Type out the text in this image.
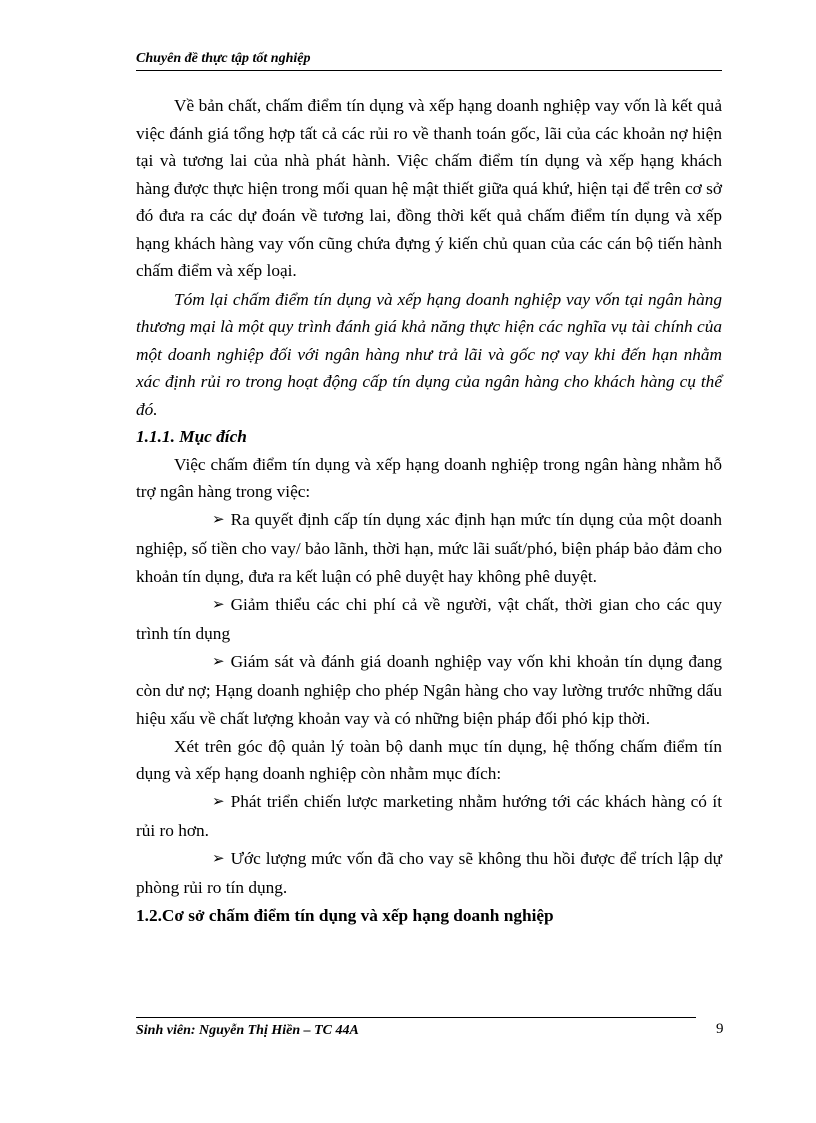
Chuyên đề thực tập tốt nghiệp

Về bản chất, chấm điểm tín dụng và xếp hạng doanh nghiệp vay vốn là kết quả việc đánh giá tổng hợp tất cả các rủi ro về thanh toán gốc, lãi của các khoản nợ hiện tại và tương lai của nhà phát hành. Việc chấm điểm tín dụng và xếp hạng khách hàng được thực hiện trong mối quan hệ mật thiết giữa quá khứ, hiện tại để trên cơ sở đó đưa ra các dự đoán về tương lai, đồng thời kết quả chấm điểm tín dụng và xếp hạng khách hàng vay vốn cũng chứa đựng ý kiến chủ quan của các cán bộ tiến hành chấm điểm và xếp loại.

Tóm lại chấm điểm tín dụng và xếp hạng doanh nghiệp vay vốn tại ngân hàng thương mại là một quy trình đánh giá khả năng thực hiện các nghĩa vụ tài chính của một doanh nghiệp đối với ngân hàng như trả lãi và gốc nợ vay khi đến hạn nhằm xác định rủi ro trong hoạt động cấp tín dụng của ngân hàng cho khách hàng cụ thể đó.

1.1.1. Mục đích

Việc chấm điểm tín dụng và xếp hạng doanh nghiệp trong ngân hàng nhằm hỗ trợ ngân hàng trong việc:

➢ Ra quyết định cấp tín dụng xác định hạn mức tín dụng của một doanh nghiệp, số tiền cho vay/ bảo lãnh, thời hạn, mức lãi suất/phó, biện pháp bảo đảm cho khoản tín dụng, đưa ra kết luận có phê duyệt hay không phê duyệt.

➢ Giảm thiểu các chi phí cả về người, vật chất, thời gian cho các quy trình tín dụng

➢ Giám sát và đánh giá doanh nghiệp vay vốn khi khoản tín dụng đang còn dư nợ; Hạng doanh nghiệp cho phép Ngân hàng cho vay lường trước những dấu hiệu xấu về chất lượng khoản vay và có những biện pháp đối phó kịp thời.

Xét trên góc độ quản lý toàn bộ danh mục tín dụng, hệ thống chấm điểm tín dụng và xếp hạng doanh nghiệp còn nhằm mục đích:

➢ Phát triển chiến lược marketing nhằm hướng tới các khách hàng có ít rủi ro hơn.

➢ Ước lượng mức vốn đã cho vay sẽ không thu hồi được để trích lập dự phòng rủi ro tín dụng.

1.2.Cơ sở chấm điểm tín dụng và xếp hạng doanh nghiệp
Sinh viên: Nguyễn Thị Hiền – TC 44A	9
